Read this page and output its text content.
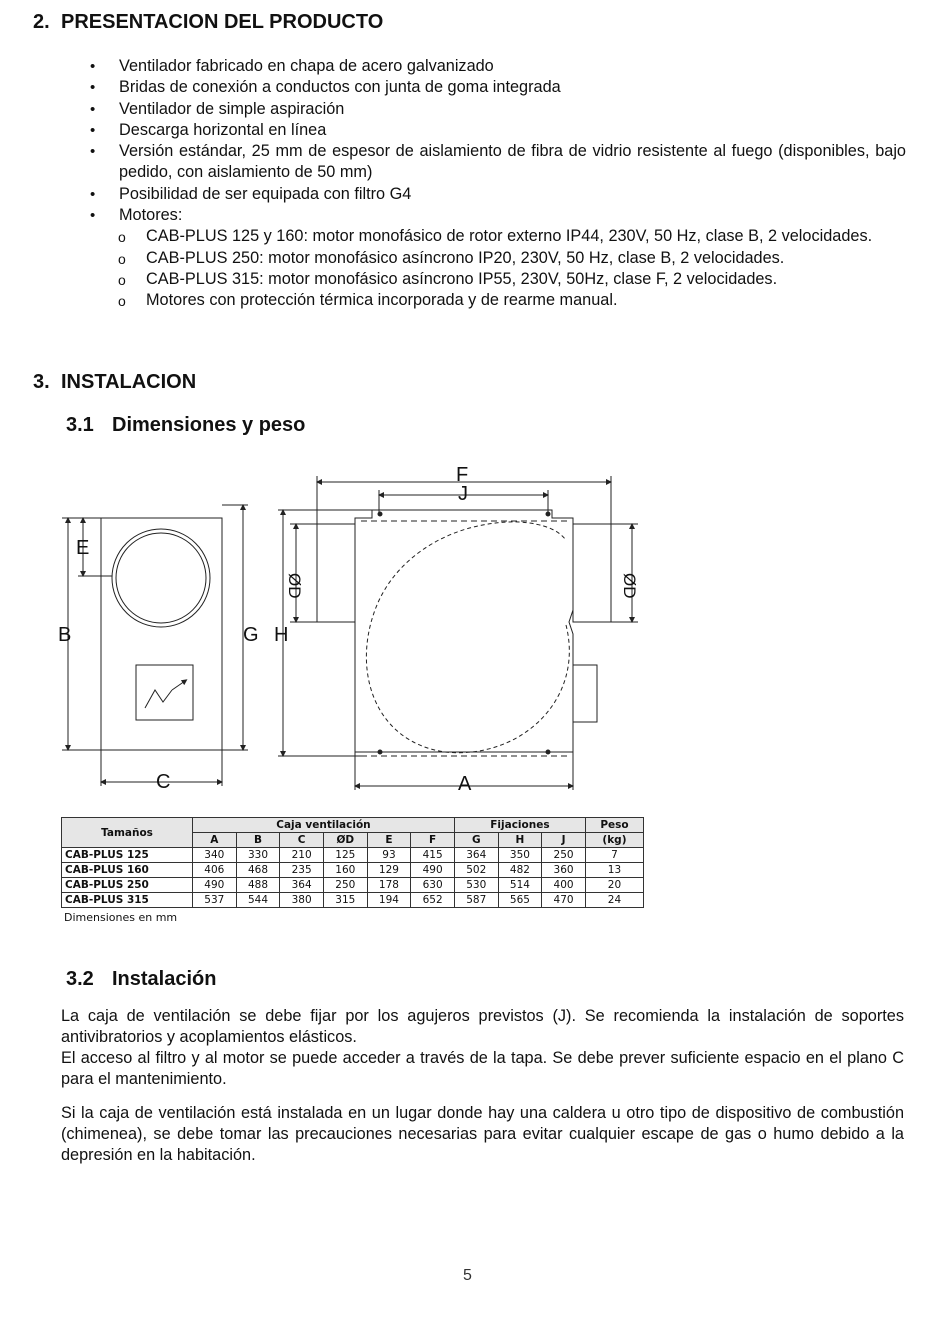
2. PRESENTACION DEL PRODUCTO
• Ventilador fabricado en chapa de acero galvanizado
• Bridas de conexión a conductos con junta de goma integrada
• Ventilador de simple aspiración
• Descarga horizontal en línea
• Versión estándar, 25 mm de espesor de aislamiento de fibra de vidrio resistente al fuego (disponibles, bajo pedido, con aislamiento de 50 mm)
• Posibilidad de ser equipada con filtro G4
• Motores:
o CAB-PLUS 125 y 160: motor monofásico de rotor externo IP44, 230V, 50 Hz, clase B, 2 velocidades.
o CAB-PLUS 250: motor monofásico asíncrono IP20, 230V, 50 Hz, clase B, 2 velocidades.
o CAB-PLUS 315: motor monofásico asíncrono IP55, 230V, 50Hz, clase F, 2 velocidades.
o Motores con protección térmica incorporada y de rearme manual.
3. INSTALACION
3.1 Dimensiones y peso
E
B	G H
C	A
F
J
ØD	ØD
Tamaños	Caja ventilación						Fijaciones			Peso
	A	B	C	ØD	E	F	G	H	J	(kg)
CAB-PLUS 125	340	330	210	125	93	415	364	350	250	7
CAB-PLUS 160	406	468	235	160	129	490	502	482	360	13
CAB-PLUS 250	490	488	364	250	178	630	530	514	400	20
CAB-PLUS 315	537	544	380	315	194	652	587	565	470	24
Dimensiones en mm
3.2 Instalación

La caja de ventilación se debe fijar por los agujeros previstos (J). Se recomienda la instalación de soportes antivibratorios y acoplamientos elásticos.

El acceso al filtro y al motor se puede acceder a través de la tapa. Se debe prever suficiente espacio en el plano C para el mantenimiento.

Si la caja de ventilación está instalada en un lugar donde hay una caldera u otro tipo de dispositivo de combustión (chimenea), se debe tomar las precauciones necesarias para evitar cualquier escape de gas o humo debido a la depresión en la habitación.

5
